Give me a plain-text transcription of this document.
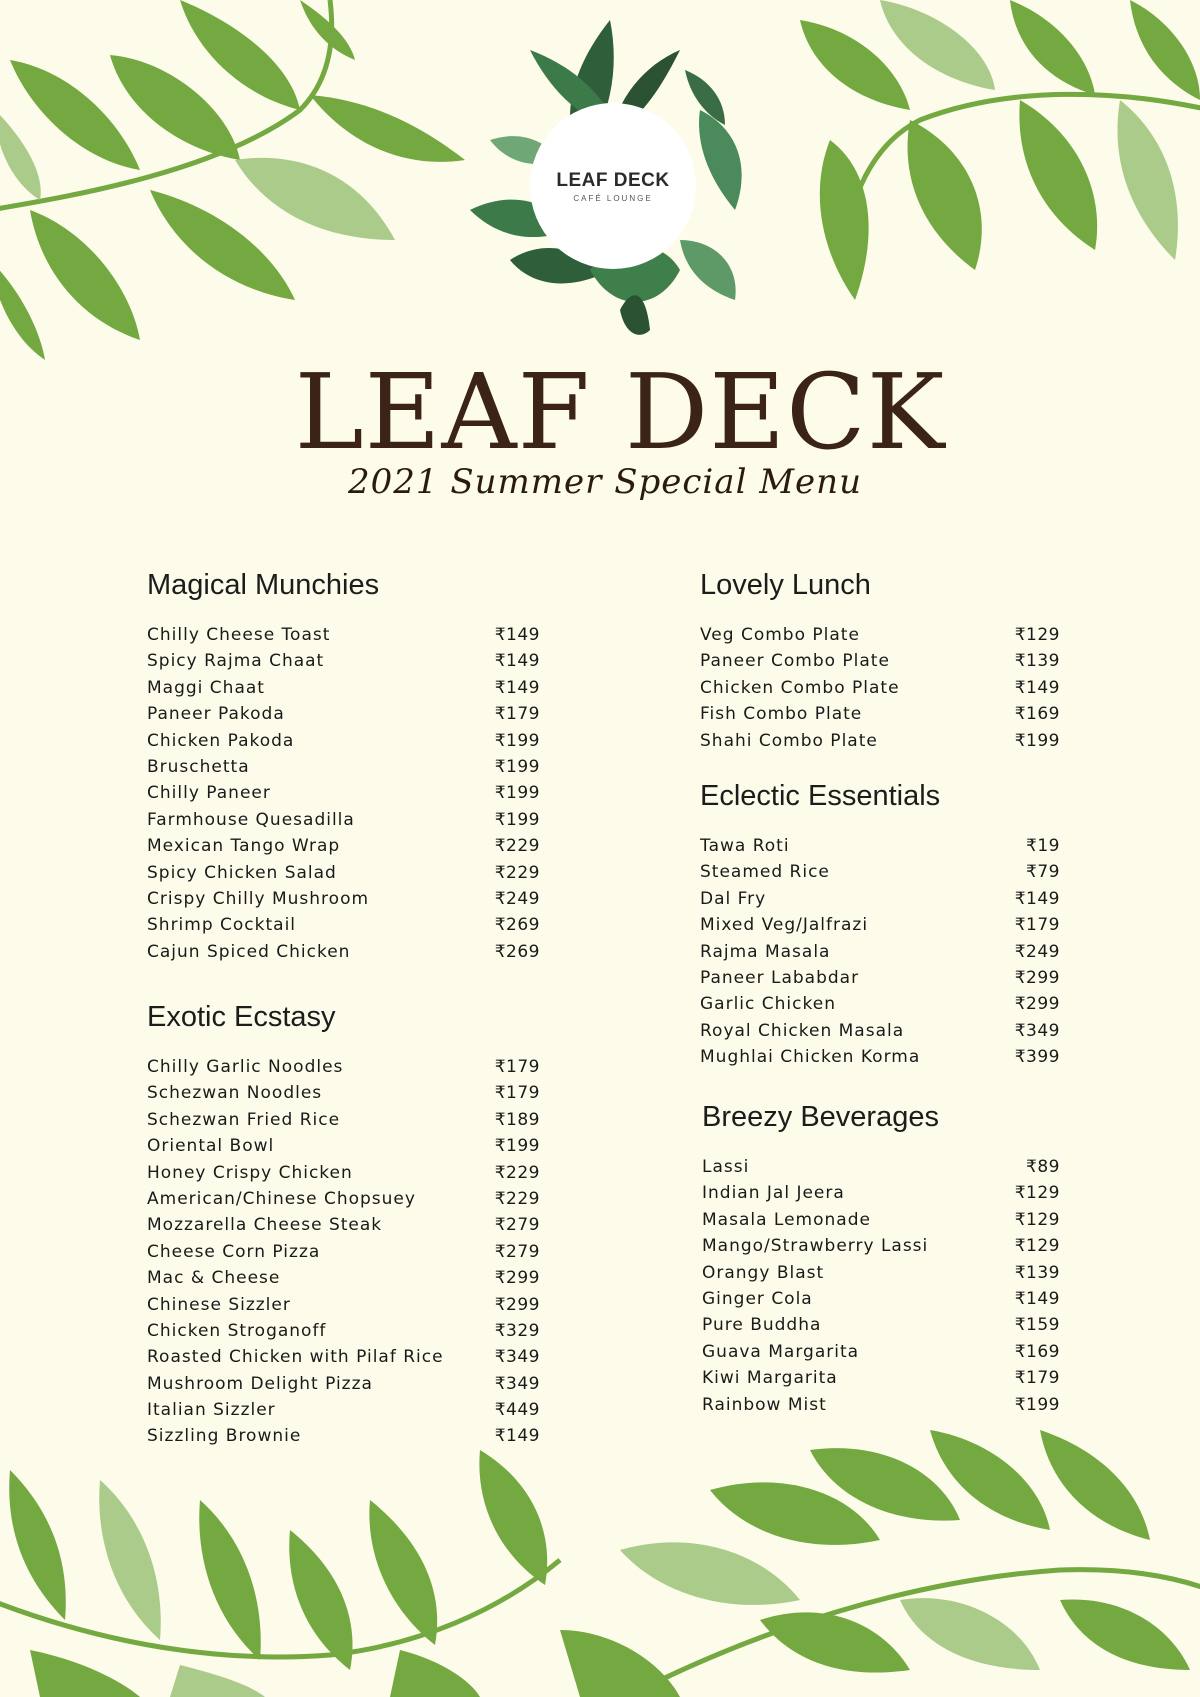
LEAF DECK
CAFÉ LOUNGE
LEAF DECK
2021 Summer Special Menu
Magical Munchies
Chilly Cheese Toast	₹149
Spicy Rajma Chaat	₹149
Maggi Chaat	₹149
Paneer Pakoda	₹179
Chicken Pakoda	₹199
Bruschetta	₹199
Chilly Paneer	₹199
Farmhouse Quesadilla	₹199
Mexican Tango Wrap	₹229
Spicy Chicken Salad	₹229
Crispy Chilly Mushroom	₹249
Shrimp Cocktail	₹269
Cajun Spiced Chicken	₹269
Exotic Ecstasy
Chilly Garlic Noodles	₹179
Schezwan Noodles	₹179
Schezwan Fried Rice	₹189
Oriental Bowl	₹199
Honey Crispy Chicken	₹229
American/Chinese Chopsuey	₹229
Mozzarella Cheese Steak	₹279
Cheese Corn Pizza	₹279
Mac & Cheese	₹299
Chinese Sizzler	₹299
Chicken Stroganoff	₹329
Roasted Chicken with Pilaf Rice	₹349
Mushroom Delight Pizza	₹349
Italian Sizzler	₹449
Sizzling Brownie	₹149
Lovely Lunch
Veg Combo Plate	₹129
Paneer Combo Plate	₹139
Chicken Combo Plate	₹149
Fish Combo Plate	₹169
Shahi Combo Plate	₹199
Eclectic Essentials
Tawa Roti	₹19
Steamed Rice	₹79
Dal Fry	₹149
Mixed Veg/Jalfrazi	₹179
Rajma Masala	₹249
Paneer Lababdar	₹299
Garlic Chicken	₹299
Royal Chicken Masala	₹349
Mughlai Chicken Korma	₹399
Breezy Beverages
Lassi	₹89
Indian Jal Jeera	₹129
Masala Lemonade	₹129
Mango/Strawberry Lassi	₹129
Orangy Blast	₹139
Ginger Cola	₹149
Pure Buddha	₹159
Guava Margarita	₹169
Kiwi Margarita	₹179
Rainbow Mist	₹199
